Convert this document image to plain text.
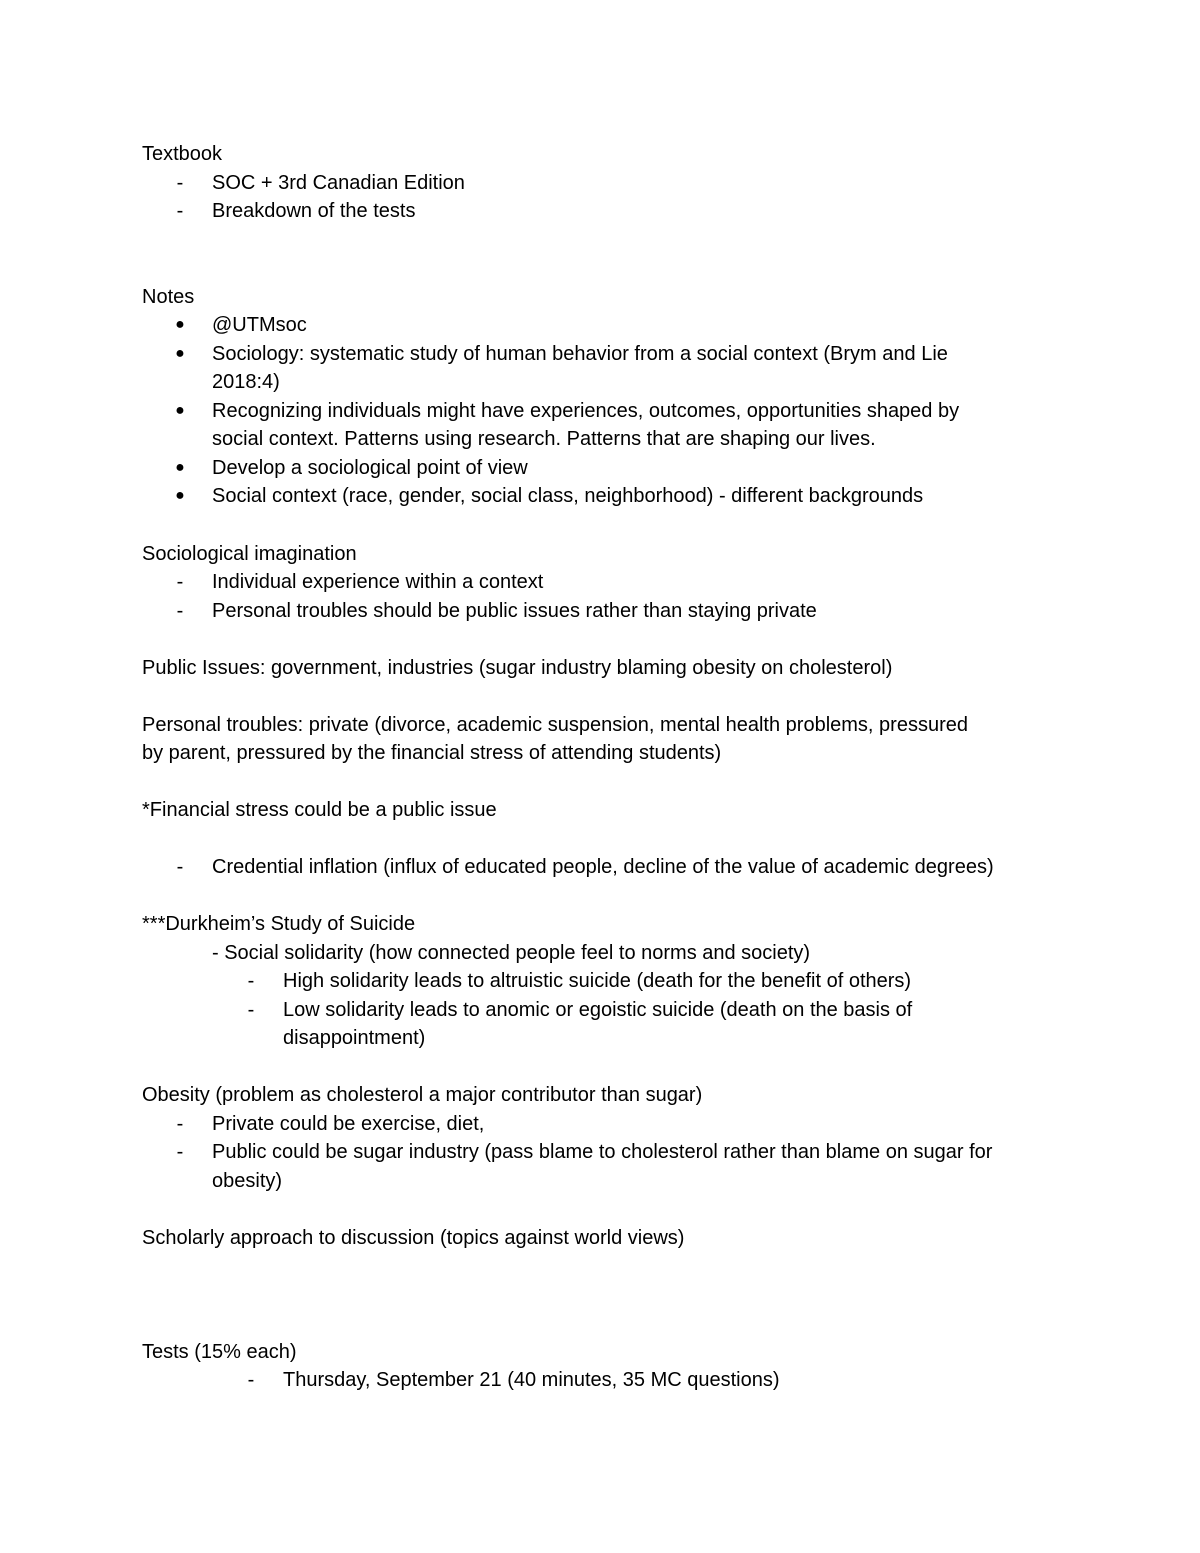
Textbook
-	SOC + 3rd Canadian Edition
-	Breakdown of the tests
Notes
● @UTMsoc
● Sociology: systematic study of human behavior from a social context (Brym and Lie
2018:4)
● Recognizing individuals might have experiences, outcomes, opportunities shaped by
social context. Patterns using research. Patterns that are shaping our lives.
● Develop a sociological point of view
● Social context (race, gender, social class, neighborhood) - different backgrounds
Sociological imagination
-	Individual experience within a context
-	Personal troubles should be public issues rather than staying private
Public Issues: government, industries (sugar industry blaming obesity on cholesterol)
Personal troubles: private (divorce, academic suspension, mental health problems, pressured
by parent, pressured by the financial stress of attending students)
*Financial stress could be a public issue
-	Credential inflation (influx of educated people, decline of the value of academic degrees)
***Durkheim’s Study of Suicide
- Social solidarity (how connected people feel to norms and society)
-	High solidarity leads to altruistic suicide (death for the benefit of others)
-	Low solidarity leads to anomic or egoistic suicide (death on the basis of
disappointment)
Obesity (problem as cholesterol a major contributor than sugar)
-	Private could be exercise, diet,
-	Public could be sugar industry (pass blame to cholesterol rather than blame on sugar for
obesity)
Scholarly approach to discussion (topics against world views)
Tests (15% each)
-	Thursday, September 21 (40 minutes, 35 MC questions)
